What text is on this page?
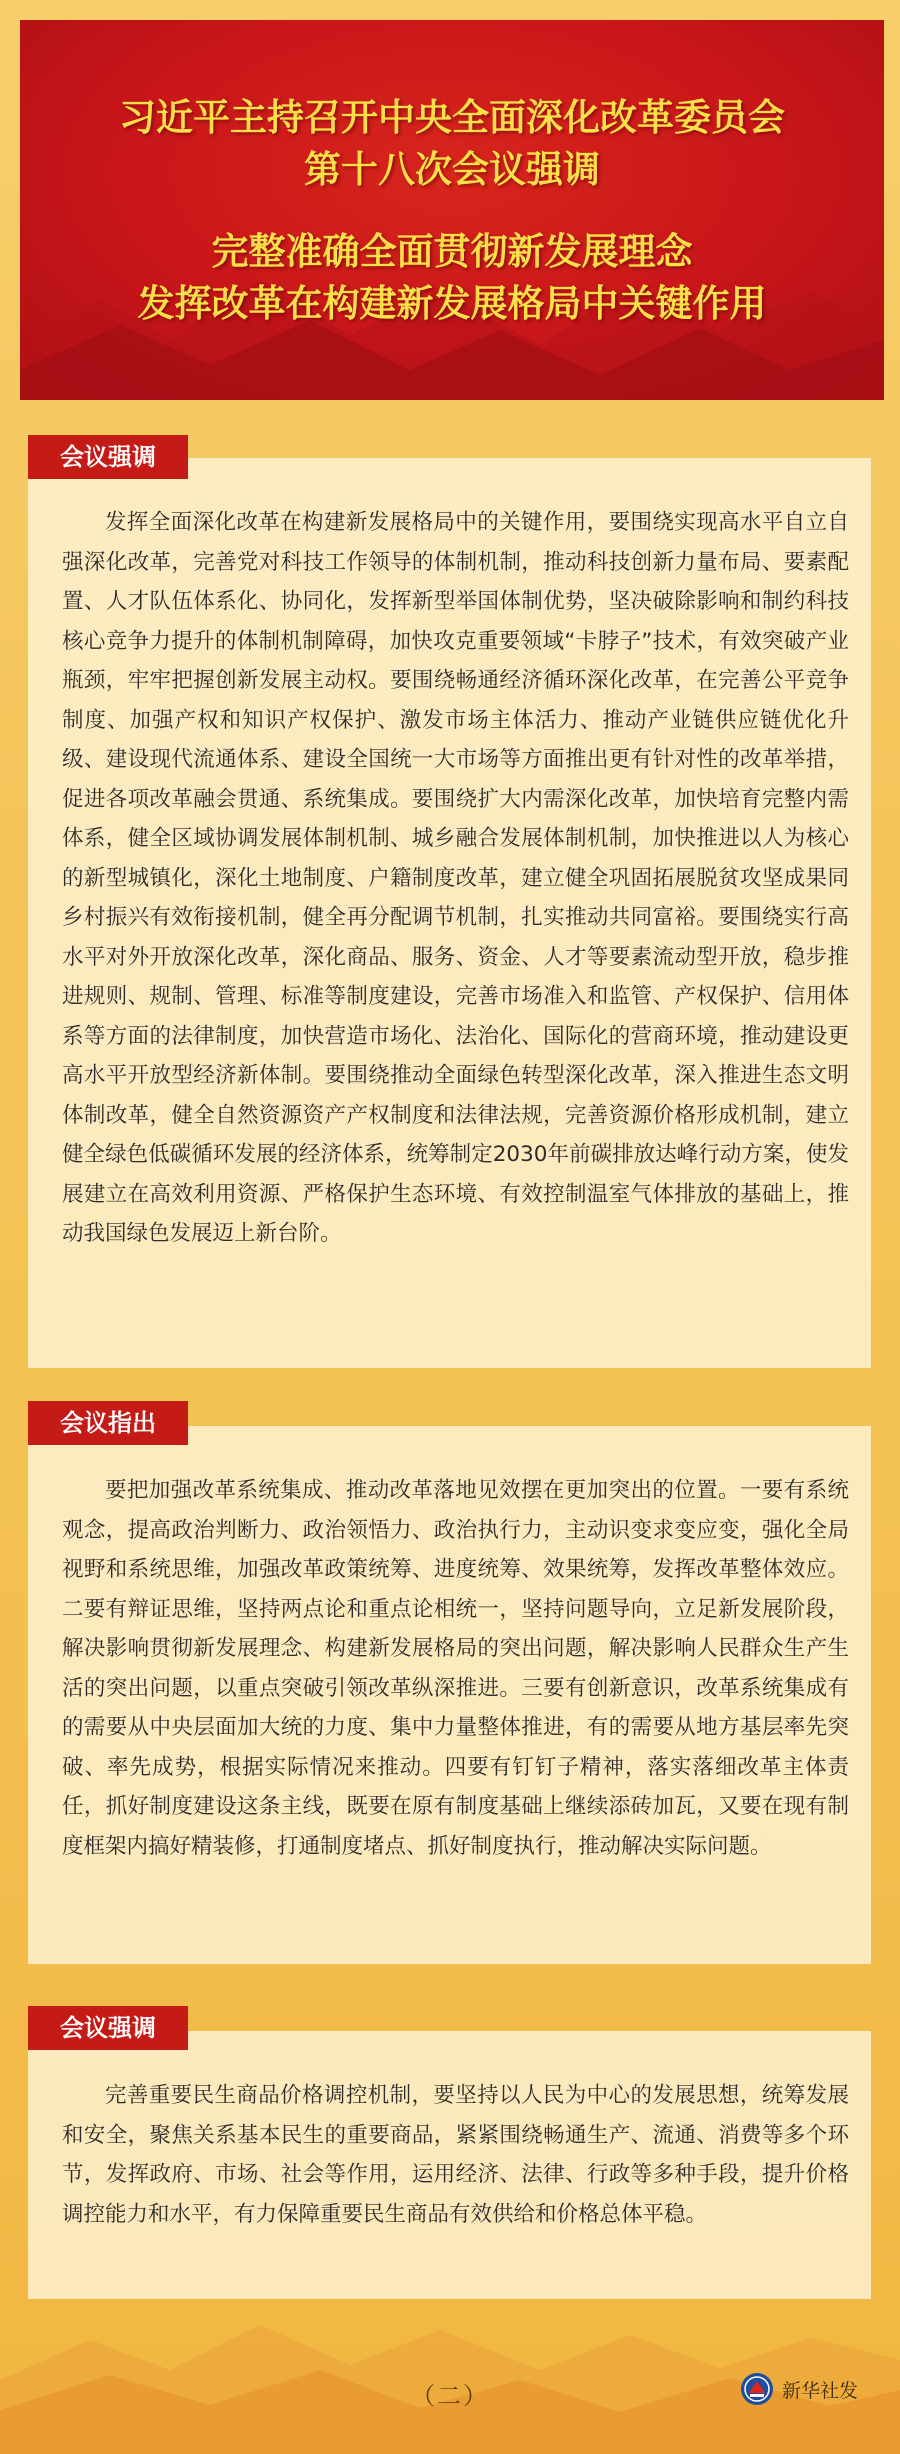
习近平主持召开中央全面深化改革委员会

第十八次会议强调

完整准确全面贯彻新发展理念

发挥改革在构建新发展格局中关键作用

发挥全面深化改革在构建新发展格局中的关键作用，要围绕实现高水平自立自强深化改革，完善党对科技工作领导的体制机制，推动科技创新力量布局、要素配置、人才队伍体系化、协同化，发挥新型举国体制优势，坚决破除影响和制约科技核心竞争力提升的体制机制障碍，加快攻克重要领域“卡脖子”技术，有效突破产业瓶颈，牢牢把握创新发展主动权。要围绕畅通经济循环深化改革，在完善公平竞争制度、加强产权和知识产权保护、激发市场主体活力、推动产业链供应链优化升级、建设现代流通体系、建设全国统一大市场等方面推出更有针对性的改革举措，促进各项改革融会贯通、系统集成。要围绕扩大内需深化改革，加快培育完整内需体系，健全区域协调发展体制机制、城乡融合发展体制机制，加快推进以人为核心的新型城镇化，深化土地制度、户籍制度改革，建立健全巩固拓展脱贫攻坚成果同乡村振兴有效衔接机制，健全再分配调节机制，扎实推动共同富裕。要围绕实行高水平对外开放深化改革，深化商品、服务、资金、人才等要素流动型开放，稳步推进规则、规制、管理、标准等制度建设，完善市场准入和监管、产权保护、信用体系等方面的法律制度，加快营造市场化、法治化、国际化的营商环境，推动建设更高水平开放型经济新体制。要围绕推动全面绿色转型深化改革，深入推进生态文明体制改革，健全自然资源资产产权制度和法律法规，完善资源价格形成机制，建立健全绿色低碳循环发展的经济体系，统筹制定2030年前碳排放达峰行动方案，使发展建立在高效利用资源、严格保护生态环境、有效控制温室气体排放的基础上，推动我国绿色发展迈上新台阶。

会议强调

要把加强改革系统集成、推动改革落地见效摆在更加突出的位置。一要有系统观念，提高政治判断力、政治领悟力、政治执行力，主动识变求变应变，强化全局视野和系统思维，加强改革政策统筹、进度统筹、效果统筹，发挥改革整体效应。二要有辩证思维，坚持两点论和重点论相统一，坚持问题导向，立足新发展阶段，解决影响贯彻新发展理念、构建新发展格局的突出问题，解决影响人民群众生产生活的突出问题，以重点突破引领改革纵深推进。三要有创新意识，改革系统集成有的需要从中央层面加大统的力度、集中力量整体推进，有的需要从地方基层率先突破、率先成势，根据实际情况来推动。四要有钉钉子精神，落实落细改革主体责任，抓好制度建设这条主线，既要在原有制度基础上继续添砖加瓦，又要在现有制度框架内搞好精装修，打通制度堵点、抓好制度执行，推动解决实际问题。

会议指出

完善重要民生商品价格调控机制，要坚持以人民为中心的发展思想，统筹发展和安全，聚焦关系基本民生的重要商品，紧紧围绕畅通生产、流通、消费等多个环节，发挥政府、市场、社会等作用，运用经济、法律、行政等多种手段，提升价格调控能力和水平，有力保障重要民生商品有效供给和价格总体平稳。

会议强调
（二）	新华社发
